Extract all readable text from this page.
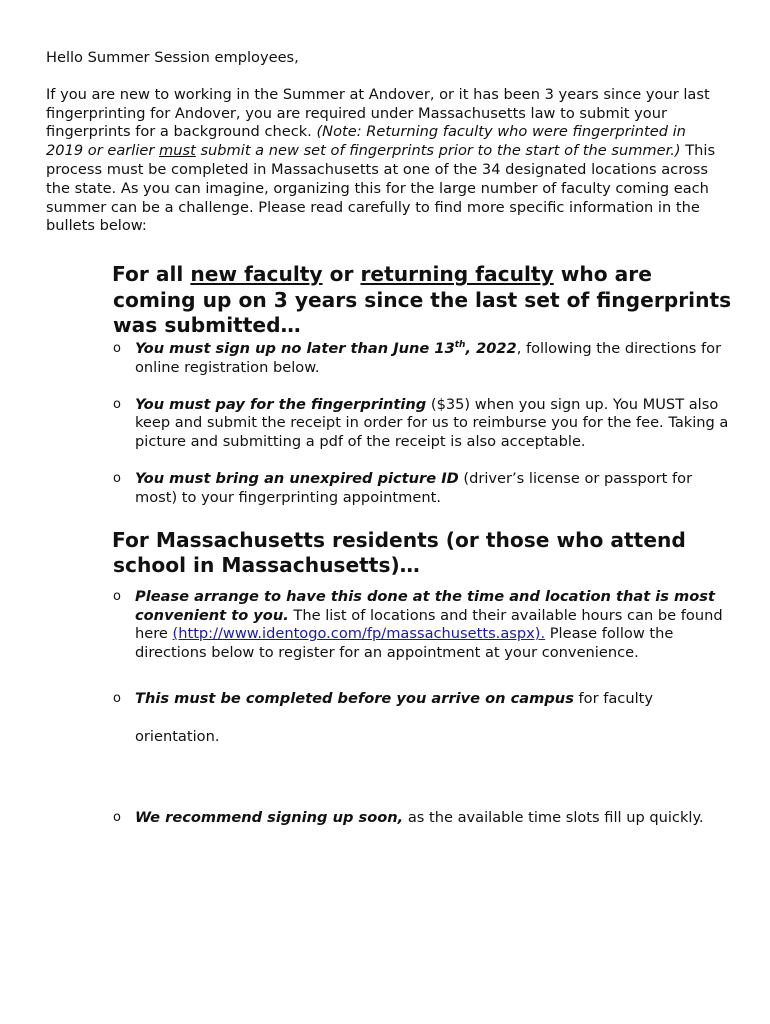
Hello Summer Session employees,

If you are new to working in the Summer at Andover, or it has been 3 years since your last fingerprinting for Andover, you are required under Massachusetts law to submit your fingerprints for a background check. (Note: Returning faculty who were fingerprinted in 2019 or earlier must submit a new set of fingerprints prior to the start of the summer.) This process must be completed in Massachusetts at one of the 34 designated locations across the state. As you can imagine, organizing this for the large number of faculty coming each summer can be a challenge. Please read carefully to find more specific information in the bullets below:

For all new faculty or returning faculty who are coming up on 3 years since the last set of fingerprints was submitted…

o You must sign up no later than June 13th, 2022, following the directions for online registration below.
o You must pay for the fingerprinting ($35) when you sign up. You MUST also keep and submit the receipt in order for us to reimburse you for the fee. Taking a picture and submitting a pdf of the receipt is also acceptable.
o You must bring an unexpired picture ID (driver’s license or passport for most) to your fingerprinting appointment.

For Massachusetts residents (or those who attend school in Massachusetts)…

o Please arrange to have this done at the time and location that is most convenient to you. The list of locations and their available hours can be found here (http://www.identogo.com/fp/massachusetts.aspx). Please follow the directions below to register for an appointment at your convenience.
o This must be completed before you arrive on campus for faculty orientation.
o We recommend signing up soon, as the available time slots fill up quickly.
